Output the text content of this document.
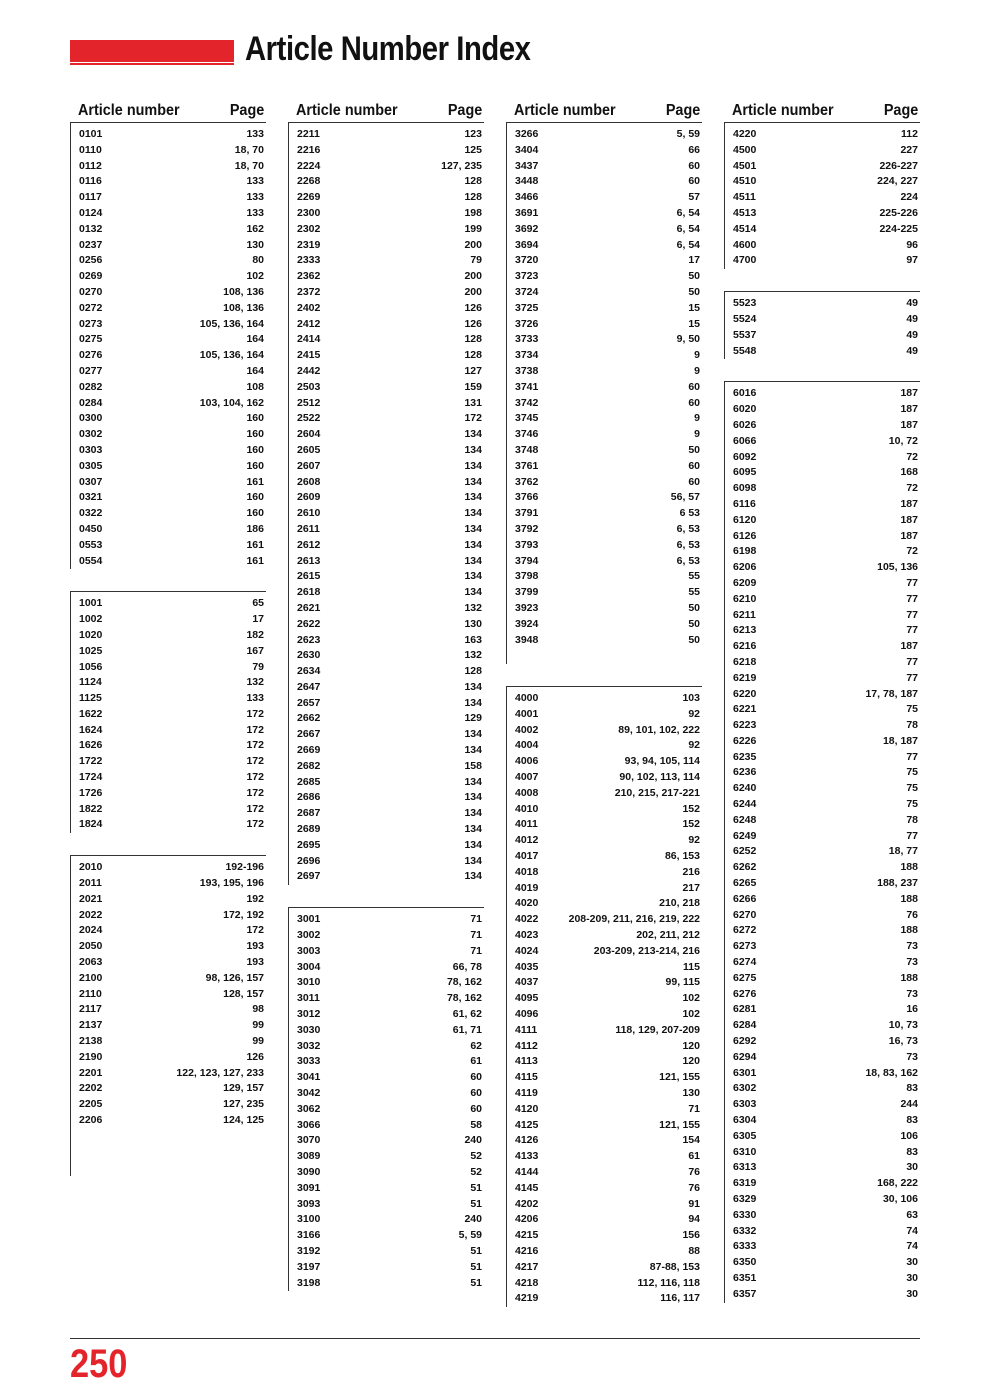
Article Number Index
Article number	Page
0101	133
0110	18, 70
0112	18, 70
0116	133
0117	133
0124	133
0132	162
0237	130
0256	80
0269	102
0270	108, 136
0272	108, 136
0273	105, 136, 164
0275	164
0276	105, 136, 164
0277	164
0282	108
0284	103, 104, 162
0300	160
0302	160
0303	160
0305	160
0307	161
0321	160
0322	160
0450	186
0553	161
0554	161
1001	65
1002	17
1020	182
1025	167
1056	79
1124	132
1125	133
1622	172
1624	172
1626	172
1722	172
1724	172
1726	172
1822	172
1824	172
2010	192-196
2011	193, 195, 196
2021	192
2022	172, 192
2024	172
2050	193
2063	193
2100	98, 126, 157
2110	128, 157
2117	98
2137	99
2138	99
2190	126
2201	122, 123, 127, 233
2202	129, 157
2205	127, 235
2206	124, 125
Article number	Page
2211	123
2216	125
2224	127, 235
2268	128
2269	128
2300	198
2302	199
2319	200
2333	79
2362	200
2372	200
2402	126
2412	126
2414	128
2415	128
2442	127
2503	159
2512	131
2522	172
2604	134
2605	134
2607	134
2608	134
2609	134
2610	134
2611	134
2612	134
2613	134
2615	134
2618	134
2621	132
2622	130
2623	163
2630	132
2634	128
2647	134
2657	134
2662	129
2667	134
2669	134
2682	158
2685	134
2686	134
2687	134
2689	134
2695	134
2696	134
2697	134
3001	71
3002	71
3003	71
3004	66, 78
3010	78, 162
3011	78, 162
3012	61, 62
3030	61, 71
3032	62
3033	61
3041	60
3042	60
3062	60
3066	58
3070	240
3089	52
3090	52
3091	51
3093	51
3100	240
3166	5, 59
3192	51
3197	51
3198	51
Article number	Page
3266	5, 59
3404	66
3437	60
3448	60
3466	57
3691	6, 54
3692	6, 54
3694	6, 54
3720	17
3723	50
3724	50
3725	15
3726	15
3733	9, 50
3734	9
3738	9
3741	60
3742	60
3745	9
3746	9
3748	50
3761	60
3762	60
3766	56, 57
3791	6 53
3792	6, 53
3793	6, 53
3794	6, 53
3798	55
3799	55
3923	50
3924	50
3948	50
4000	103
4001	92
4002	89, 101, 102, 222
4004	92
4006	93, 94, 105, 114
4007	90, 102, 113, 114
4008	210, 215, 217-221
4010	152
4011	152
4012	92
4017	86, 153
4018	216
4019	217
4020	210, 218
4022	208-209, 211, 216, 219, 222
4023	202, 211, 212
4024	203-209, 213-214, 216
4035	115
4037	99, 115
4095	102
4096	102
4111	118, 129, 207-209
4112	120
4113	120
4115	121, 155
4119	130
4120	71
4125	121, 155
4126	154
4133	61
4144	76
4145	76
4202	91
4206	94
4215	156
4216	88
4217	87-88, 153
4218	112, 116, 118
4219	116, 117
Article number	Page
4220	112
4500	227
4501	226-227
4510	224, 227
4511	224
4513	225-226
4514	224-225
4600	96
4700	97
5523	49
5524	49
5537	49
5548	49
6016	187
6020	187
6026	187
6066	10, 72
6092	72
6095	168
6098	72
6116	187
6120	187
6126	187
6198	72
6206	105, 136
6209	77
6210	77
6211	77
6213	77
6216	187
6218	77
6219	77
6220	17, 78, 187
6221	75
6223	78
6226	18, 187
6235	77
6236	75
6240	75
6244	75
6248	78
6249	77
6252	18, 77
6262	188
6265	188, 237
6266	188
6270	76
6272	188
6273	73
6274	73
6275	188
6276	73
6281	16
6284	10, 73
6292	16, 73
6294	73
6301	18, 83, 162
6302	83
6303	244
6304	83
6305	106
6310	83
6313	30
6319	168, 222
6329	30, 106
6330	63
6332	74
6333	74
6350	30
6351	30
6357	30
250
